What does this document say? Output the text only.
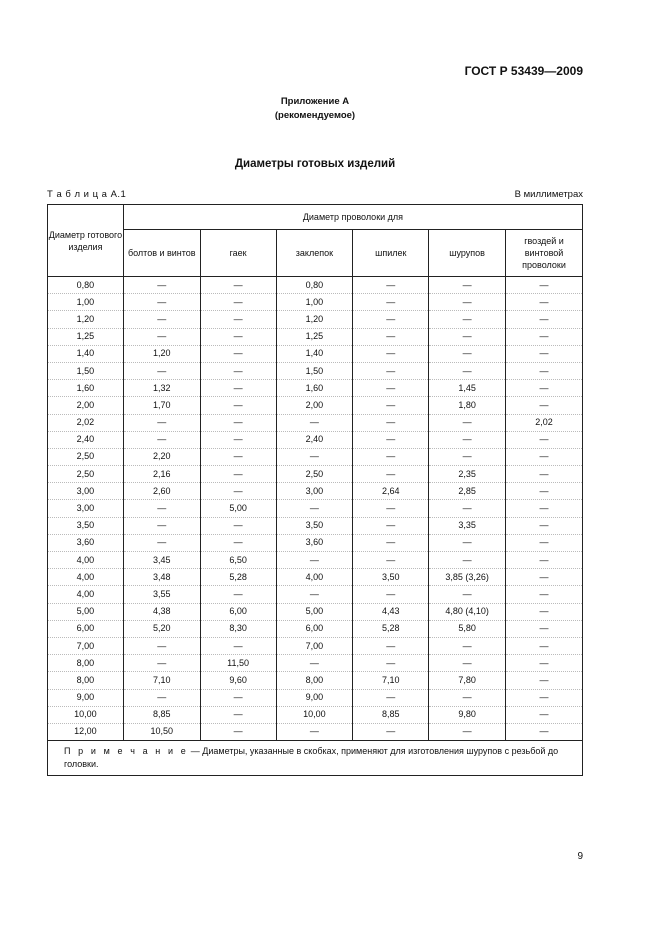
ГОСТ Р 53439—2009
Приложение А
(рекомендуемое)
Диаметры готовых изделий
Т а б л и ц а А.1	В миллиметрах
Диаметр готового изделия	Диаметр проволоки для					
	болтов и винтов	гаек	заклепок	шпилек	шурупов	гвоздей и винтовой проволоки
0,80	—	—	0,80	—	—	—
1,00	—	—	1,00	—	—	—
1,20	—	—	1,20	—	—	—
1,25	—	—	1,25	—	—	—
1,40	1,20	—	1,40	—	—	—
1,50	—	—	1,50	—	—	—
1,60	1,32	—	1,60	—	1,45	—
2,00	1,70	—	2,00	—	1,80	—
2,02	—	—	—	—	—	2,02
2,40	—	—	2,40	—	—	—
2,50	2,20	—	—	—	—	—
2,50	2,16	—	2,50	—	2,35	—
3,00	2,60	—	3,00	2,64	2,85	—
3,00	—	5,00	—	—	—	—
3,50	—	—	3,50	—	3,35	—
3,60	—	—	3,60	—	—	—
4,00	3,45	6,50	—	—	—	—
4,00	3,48	5,28	4,00	3,50	3,85 (3,26)	—
4,00	3,55	—	—	—	—	—
5,00	4,38	6,00	5,00	4,43	4,80 (4,10)	—
6,00	5,20	8,30	6,00	5,28	5,80	—
7,00	—	—	7,00	—	—	—
8,00	—	11,50	—	—	—	—
8,00	7,10	9,60	8,00	7,10	7,80	—
9,00	—	—	9,00	—	—	—
10,00	8,85	—	10,00	8,85	9,80	—
12,00	10,50	—	—	—	—	—
П р и м е ч а н и е — Диаметры, указанные в скобках, применяют для изготовления шурупов с резьбой до головки.						
9
